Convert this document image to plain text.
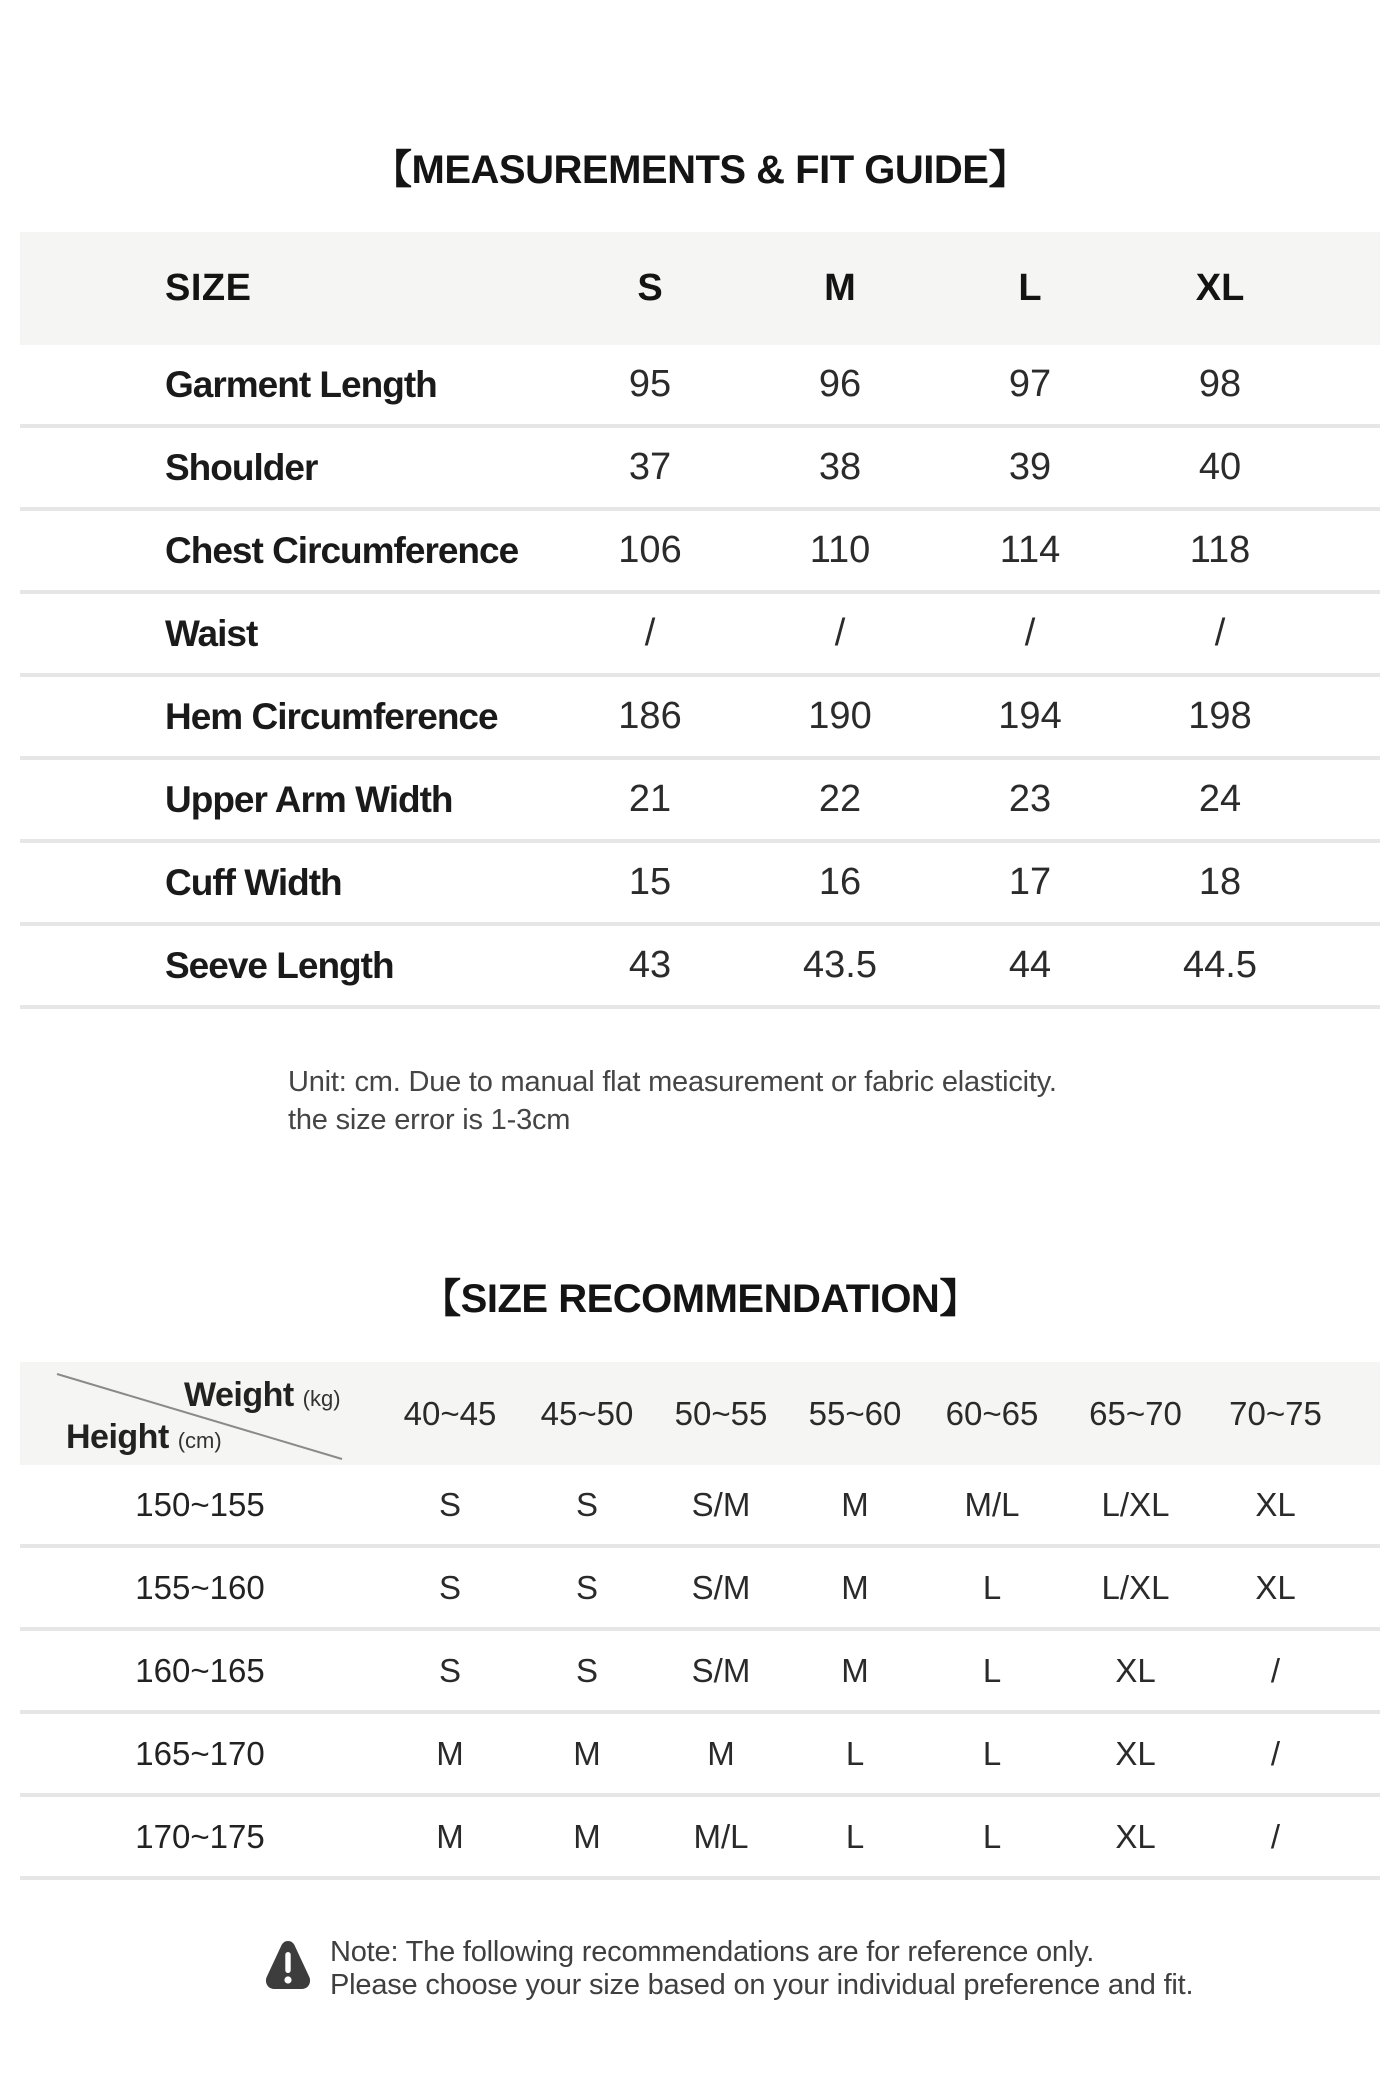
【MEASUREMENTS & FIT GUIDE】
SIZE	S	M	L	XL
Garment Length	95	96	97	98
Shoulder	37	38	39	40
Chest Circumference	106	110	114	118
Waist	/	/	/	/
Hem Circumference	186	190	194	198
Upper Arm Width	21	22	23	24
Cuff Width	15	16	17	18
Seeve Length	43	43.5	44	44.5
Unit: cm. Due to manual flat measurement or fabric elasticity.
the size error is 1-3cm
【SIZE RECOMMENDATION】
Weight (kg)
Height (cm)
40~45	45~50	50~55	55~60	60~65	65~70	70~75
150~155	S	S	S/M	M	M/L	L/XL	XL
155~160	S	S	S/M	M	L	L/XL	XL
160~165	S	S	S/M	M	L	XL	/
165~170	M	M	M	L	L	XL	/
170~175	M	M	M/L	L	L	XL	/
Note: The following recommendations are for reference only.
Please choose your size based on your individual preference and fit.
